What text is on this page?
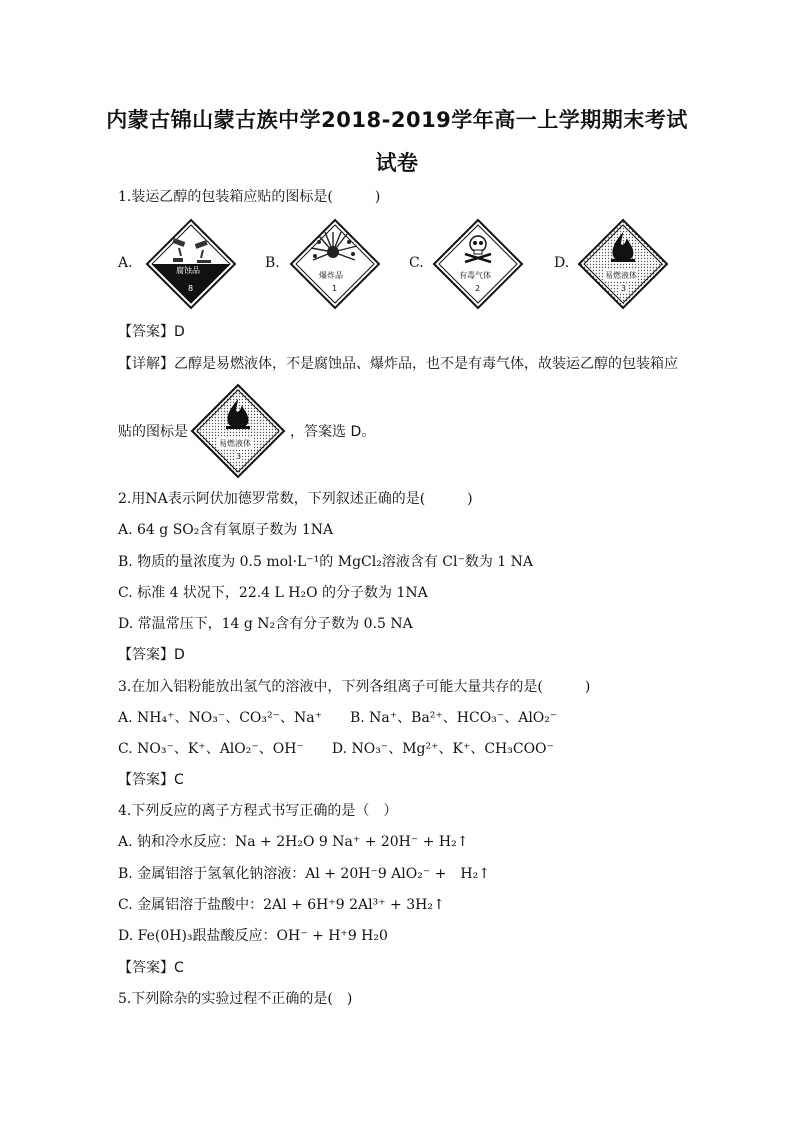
内蒙古锦山蒙古族中学2018-2019学年高一上学期期末考试
试卷
1.装运乙醇的包装箱应贴的图标是(　　　)
A.	腐蚀品
8
B.
爆炸品
1
C.
有毒气体
2
D.
易燃液体
3
【答案】D
【详解】乙醇是易燃液体，不是腐蚀品、爆炸品，也不是有毒气体，故装运乙醇的包装箱应
贴的图标是
易燃液体
3
，答案选 D。
2.用NA表示阿伏加德罗常数，下列叙述正确的是(　　　)
A. 64 g SO₂含有氧原子数为 1NA
B. 物质的量浓度为 0.5 mol·L⁻¹的 MgCl₂溶液含有 Cl⁻数为 1 NA
C. 标准 4 状况下，22.4 L H₂O 的分子数为 1NA
D. 常温常压下，14 g N₂含有分子数为 0.5 NA
【答案】D
3.在加入铝粉能放出氢气的溶液中，下列各组离子可能大量共存的是(　　　)
A. NH₄⁺、NO₃⁻、CO₃²⁻、Na⁺　　B. Na⁺、Ba²⁺、HCO₃⁻、AlO₂⁻
C. NO₃⁻、K⁺、AlO₂⁻、OH⁻　　D. NO₃⁻、Mg²⁺、K⁺、CH₃COO⁻
【答案】C
4.下列反应的离子方程式书写正确的是（　）
A. 钠和冷水反应：Na + 2H₂O 9 Na⁺ + 20H⁻ + H₂↑
B. 金属铝溶于氢氧化钠溶液：Al + 20H⁻9 AlO₂⁻ +　H₂↑
C. 金属铝溶于盐酸中：2Al + 6H⁺9 2Al³⁺ + 3H₂↑
D. Fe(0H)₃跟盐酸反应：OH⁻ + H⁺9 H₂0
【答案】C
5.下列除杂的实验过程不正确的是(　)
